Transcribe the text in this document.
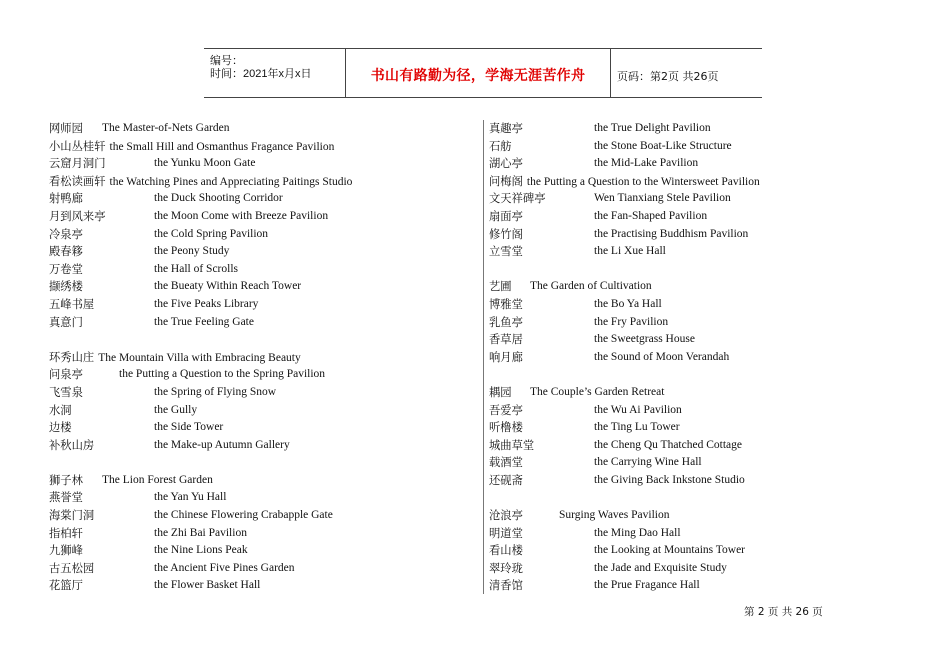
编号：
时间：2021年x月x日	书山有路勤为径，学海无涯苦作舟	页码：第2页 共26页
网师园 The Master-of-Nets Garden
小山丛桂轩 the Small Hill and Osmanthus Fragance Pavilion
云窟月洞门	the Yunku Moon Gate
看松读画轩 the Watching Pines and Appreciating Paitings Studio
射鸭廊	the Duck Shooting Corridor
月到风来亭	the Moon Come with Breeze Pavilion
冷泉亭	the Cold Spring Pavilion
殿春簃	the Peony Study
万卷堂	the Hall of Scrolls
撷绣楼	the Bueaty Within Reach Tower
五峰书屋	the Five Peaks Library
真意门	the True Feeling Gate
环秀山庄 The Mountain Villa with Embracing Beauty
问泉亭	the Putting a Question to the Spring Pavilion
飞雪泉	the Spring of Flying Snow
水洞	the Gully
边楼	the Side Tower
补秋山房	the Make-up Autumn Gallery
狮子林 The Lion Forest Garden
燕誉堂	the Yan Yu Hall
海棠门洞	the Chinese Flowering Crabapple Gate
指柏轩	the Zhi Bai Pavilion
九狮峰	the Nine Lions Peak
古五松园	the Ancient Five Pines Garden
花篮厅	the Flower Basket Hall
真趣亭	the True Delight Pavilion
石舫	the Stone Boat-Like Structure
湖心亭	the Mid-Lake Pavilion
问梅阁 the Putting a Question to the Wintersweet Pavilion
文天祥碑亭	Wen Tianxiang Stele Pavilion
扇面亭	the Fan-Shaped Pavilion
修竹阁	the Practising Buddhism Pavilion
立雪堂	the Li Xue Hall
艺圃 The Garden of Cultivation
博雅堂	the Bo Ya Hall
乳鱼亭	the Fry Pavilion
香草居	the Sweetgrass House
响月廊	the Sound of Moon Verandah
耦园 The Couple’s Garden Retreat
吾爱亭	the Wu Ai Pavilion
听橹楼	the Ting Lu Tower
城曲草堂	the Cheng Qu Thatched Cottage
载酒堂	the Carrying Wine Hall
还砚斋	the Giving Back Inkstone Studio
沧浪亭	Surging Waves Pavilion
明道堂	the Ming Dao Hall
看山楼	the Looking at Mountains Tower
翠玲珑	the Jade and Exquisite Study
清香馆	the Prue Fragance Hall
第 2 页 共 26 页
